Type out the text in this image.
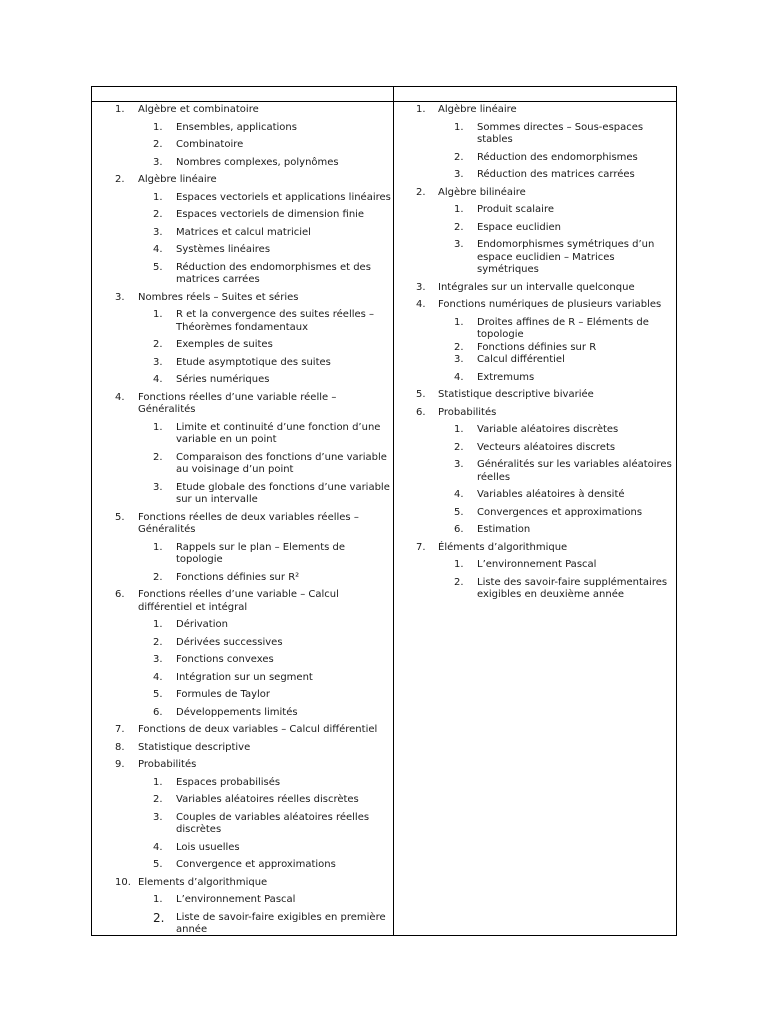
1. Algèbre et combinatoire
1. Ensembles, applications
2. Combinatoire
3. Nombres complexes, polynômes
2. Algèbre linéaire
1. Espaces vectoriels et applications linéaires
2. Espaces vectoriels de dimension finie
3. Matrices et calcul matriciel
4. Systèmes linéaires
5. Réduction des endomorphismes et des matrices carrées
3. Nombres réels – Suites et séries
1. R et la convergence des suites réelles – Théorèmes fondamentaux
2. Exemples de suites
3. Etude asymptotique des suites
4. Séries numériques
4. Fonctions réelles d’une variable réelle – Généralités
1. Limite et continuité d’une fonction d’une variable en un point
2. Comparaison des fonctions d’une variable au voisinage d’un point
3. Etude globale des fonctions d’une variable sur un intervalle
5. Fonctions réelles de deux variables réelles – Généralités
1. Rappels sur le plan – Elements de topologie
2. Fonctions définies sur R²
6. Fonctions réelles d’une variable – Calcul différentiel et intégral
1. Dérivation
2. Dérivées successives
3. Fonctions convexes
4. Intégration sur un segment
5. Formules de Taylor
6. Développements limités
7. Fonctions de deux variables – Calcul différentiel
8. Statistique descriptive
9. Probabilités
1. Espaces probabilisés
2. Variables aléatoires réelles discrètes
3. Couples de variables aléatoires réelles discrètes
4. Lois usuelles
5. Convergence et approximations
10. Elements d’algorithmique
1. L’environnement Pascal
2. Liste de savoir-faire exigibles en première année
1. Algèbre linéaire
1. Sommes directes – Sous-espaces stables
2. Réduction des endomorphismes
3. Réduction des matrices carrées
2. Algèbre bilinéaire
1. Produit scalaire
2. Espace euclidien
3. Endomorphismes symétriques d’un espace euclidien – Matrices symétriques
3. Intégrales sur un intervalle quelconque
4. Fonctions numériques de plusieurs variables
1. Droites affines de R – Eléments de topologie
2. Fonctions définies sur R
3. Calcul différentiel
4. Extremums
5. Statistique descriptive bivariée
6. Probabilités
1. Variable aléatoires discrètes
2. Vecteurs aléatoires discrets
3. Généralités sur les variables aléatoires réelles
4. Variables aléatoires à densité
5. Convergences et approximations
6. Estimation
7. Éléments d’algorithmique
1. L’environnement Pascal
2. Liste des savoir-faire supplémentaires exigibles en deuxième année
